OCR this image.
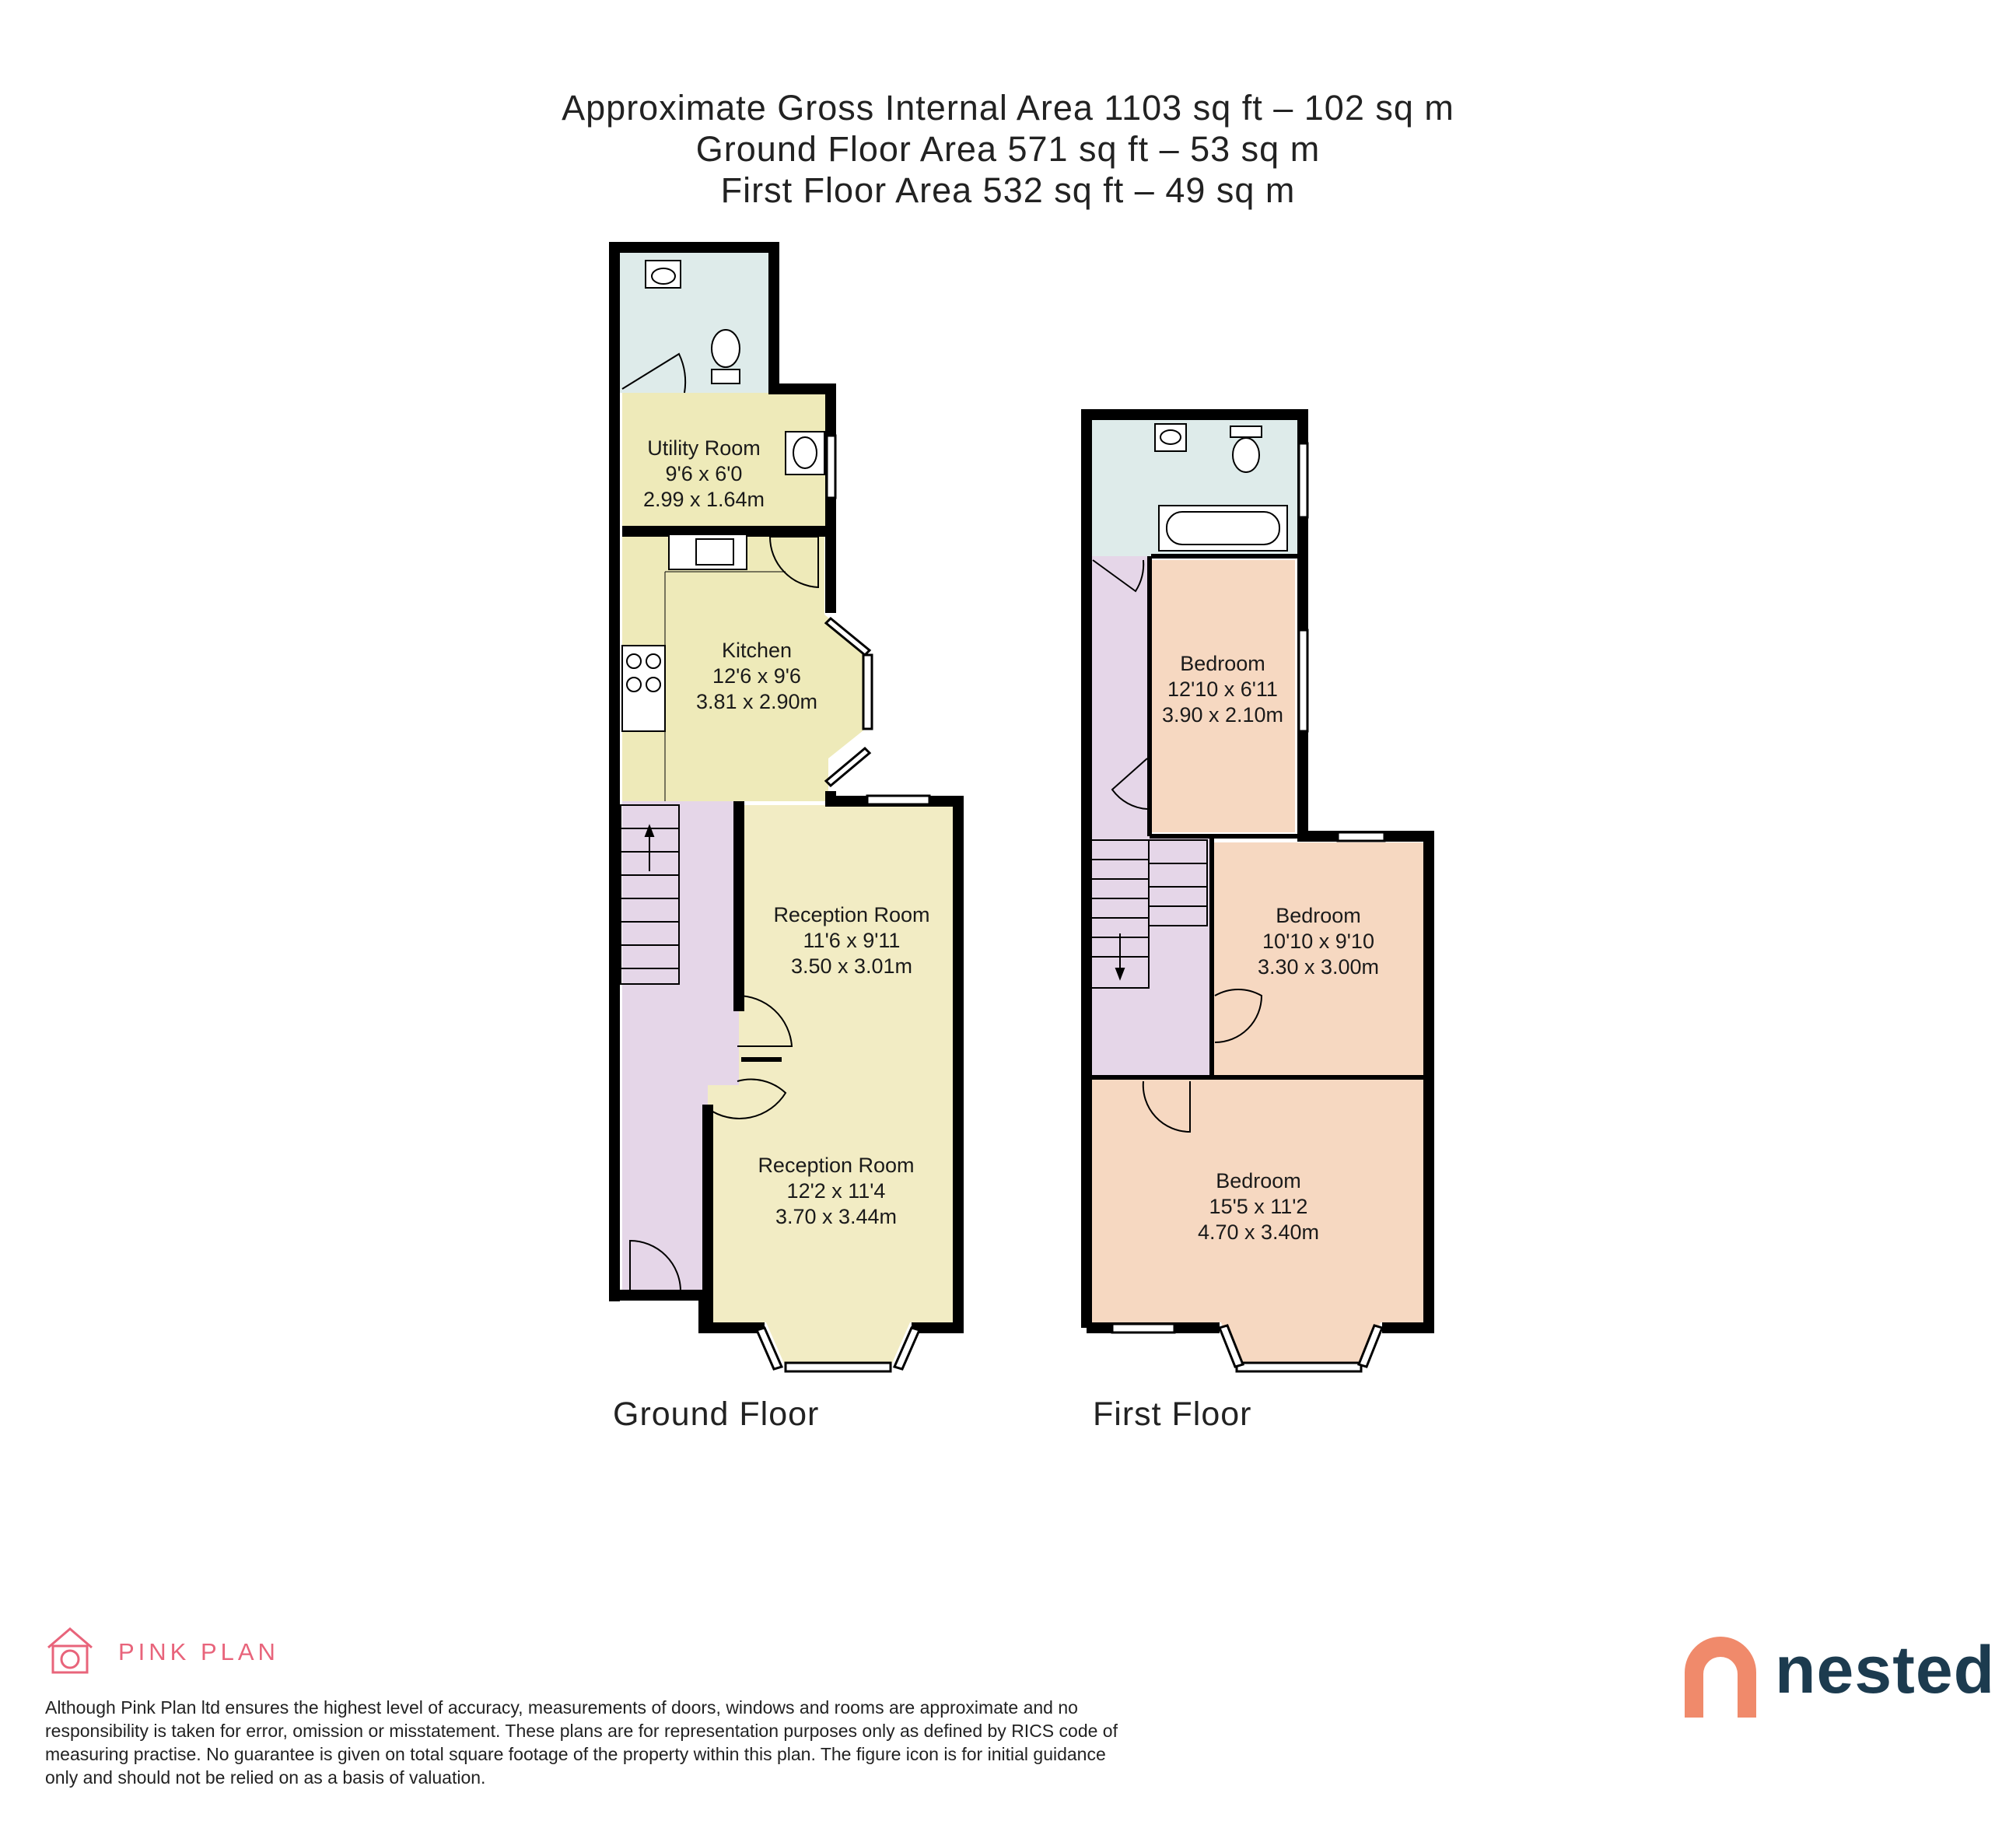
Approximate Gross Internal Area 1103 sq ft – 102 sq m
Ground Floor Area 571 sq ft – 53 sq m
First Floor Area 532 sq ft – 49 sq m
Utility Room
9'6 x 6'0
2.99 x 1.64m
Kitchen
12'6 x 9'6
3.81 x 2.90m
Reception Room
11'6 x 9'11
3.50 x 3.01m
Reception Room
12'2 x 11'4
3.70 x 3.44m
Ground Floor
Bedroom
12'10 x 6'11
3.90 x 2.10m
Bedroom
10'10 x 9'10
3.30 x 3.00m
Bedroom
15'5 x 11'2
4.70 x 3.40m
First Floor
PINK PLAN
Although Pink Plan ltd ensures the highest level of accuracy, measurements of doors, windows and rooms are approximate and no responsibility is taken for error, omission or misstatement. These plans are for representation purposes only as defined by RICS code of measuring practise. No guarantee is given on total square footage of the property within this plan. The figure icon is for initial guidance only and should not be relied on as a basis of valuation.
nested
